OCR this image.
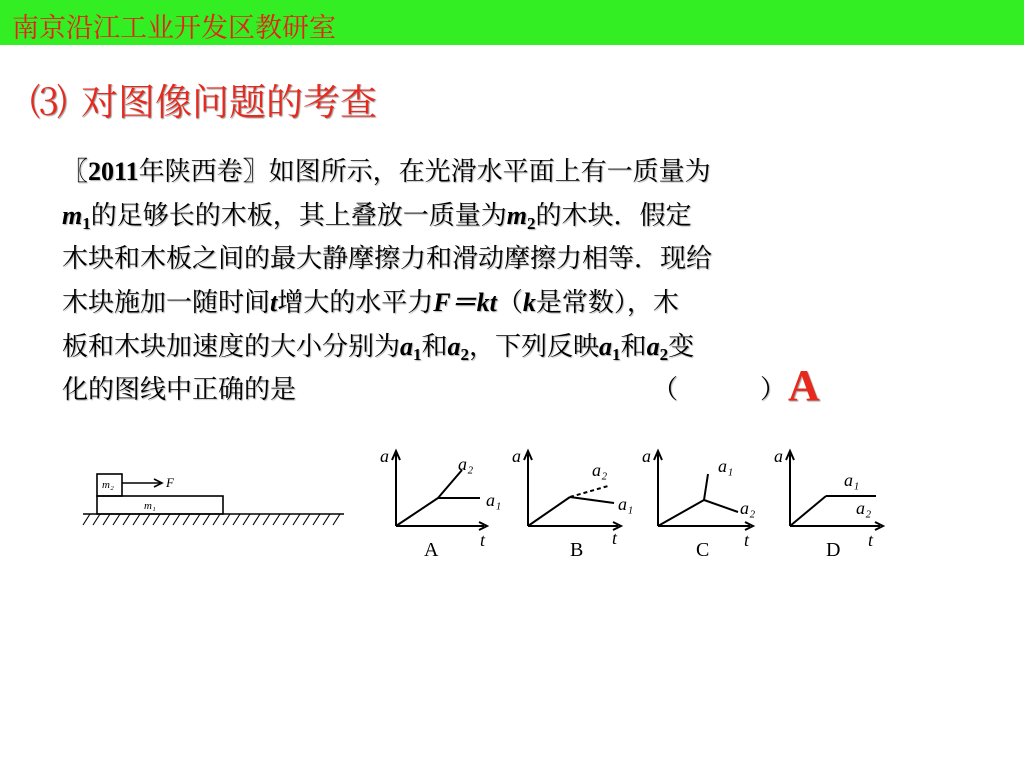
南京沿江工业开发区教研室
⑶ 对图像问题的考查
〖2011年陕西卷〗如图所示，在光滑水平面上有一质量为
$m_1$的足够长的木板，其上叠放一质量为$m_2$的木块．假定
木块和木板之间的最大静摩擦力和滑动摩擦力相等．现给
木块施加一随时间t增大的水平力F＝kt（k是常数），木
板和木块加速度的大小分别为$a_1$和$a_2$，下列反映$a_1$和$a_2$变
化的图线中正确的是	（	） A
m₂
m₁
F
a	a₂
a₁
t
a
a₂
a₁
t
a	a₁
a₂
t
a
a₁
a₂
t
A	B	C	D
